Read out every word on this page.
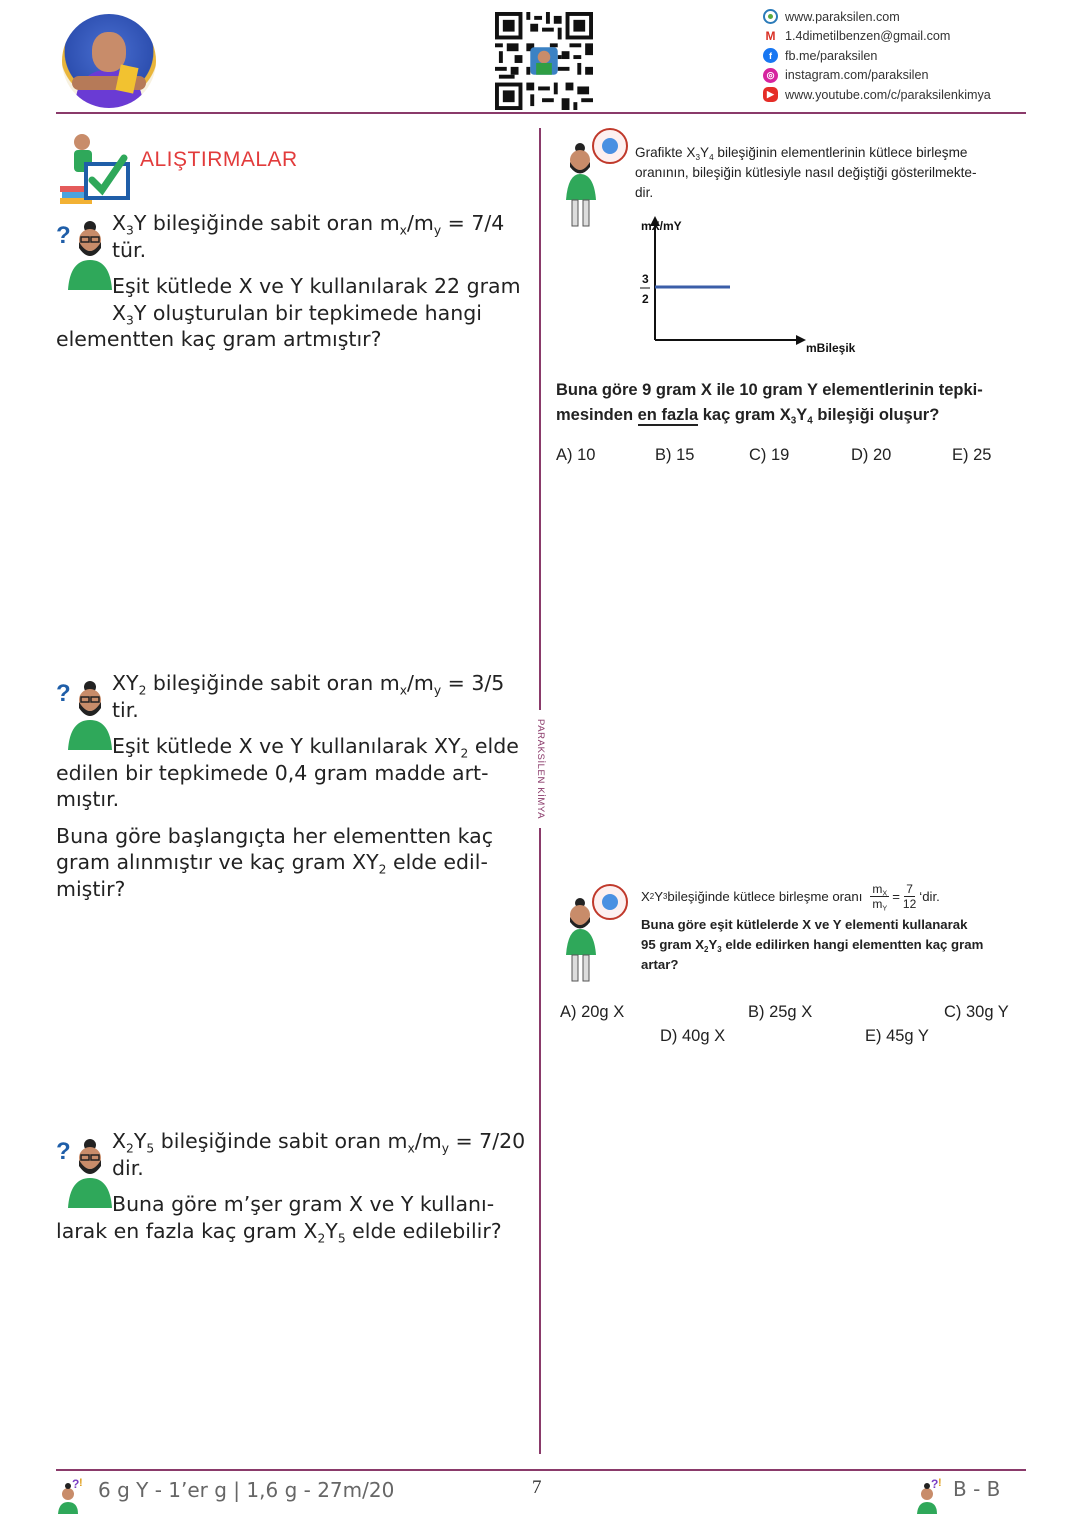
www.paraksilen.com
M 1.4dimetilbenzen@gmail.com
f	fb.me/paraksilen
◎ instagram.com/paraksilen
▶ www.youtube.com/c/paraksilenkimya
PARAKSİLEN KİMYA
ALIŞTIRMALAR
?	$X_3Y$ bileşiğinde sabit oran $m_x/m_y = 7/4$
tür.
Eşit kütlede X ve Y kullanılarak 22 gram
$X_3Y$ oluşturulan bir tepkimede hangi
elementten kaç gram artmıştır?
?	$XY_2$ bileşiğinde sabit oran $m_x/m_y = 3/5$
tir.
Eşit kütlede X ve Y kullanılarak $XY_2$ elde
edilen bir tepkimede 0,4 gram madde art-
mıştır.
Buna göre başlangıçta her elementten kaç
gram alınmıştır ve kaç gram $XY_2$ elde edil-
miştir?
?	$X_2Y_5$ bileşiğinde sabit oran $m_x/m_y = 7/20$
dir.
Buna göre m’şer gram X ve Y kullanı-
larak en fazla kaç gram $X_2Y_5$ elde edilebilir?
Grafikte $X_3Y_4$ bileşiğinin elementlerinin kütlece birleşme
oranının, bileşiğin kütlesiyle nasıl değiştiği gösterilmekte-
dir.
mX/mY
3
2
mBileşik
Buna göre 9 gram X ile 10 gram Y elementlerinin tepki-
mesinden en fazla kaç gram $X_3Y_4$ bileşiği oluşur?
A) 10	B) 15	C) 19	D) 20	E) 25
X 2 Y 3 bileşiğinde kütlece birleşme oranı $\frac{m_X}{m_Y} = \frac{7}{12}$ ‘dir.
Buna göre eşit kütlelerde X ve Y elementi kullanarak
95 gram $X_2Y_3$ elde edilirken hangi elementten kaç gram
artar?
A) 20g X	B) 25g X	C) 30g Y
D) 40g X	E) 45g Y
? ! 6 g Y - 1’er g | 1,6 g - 27m/20	7	? ! B - B
